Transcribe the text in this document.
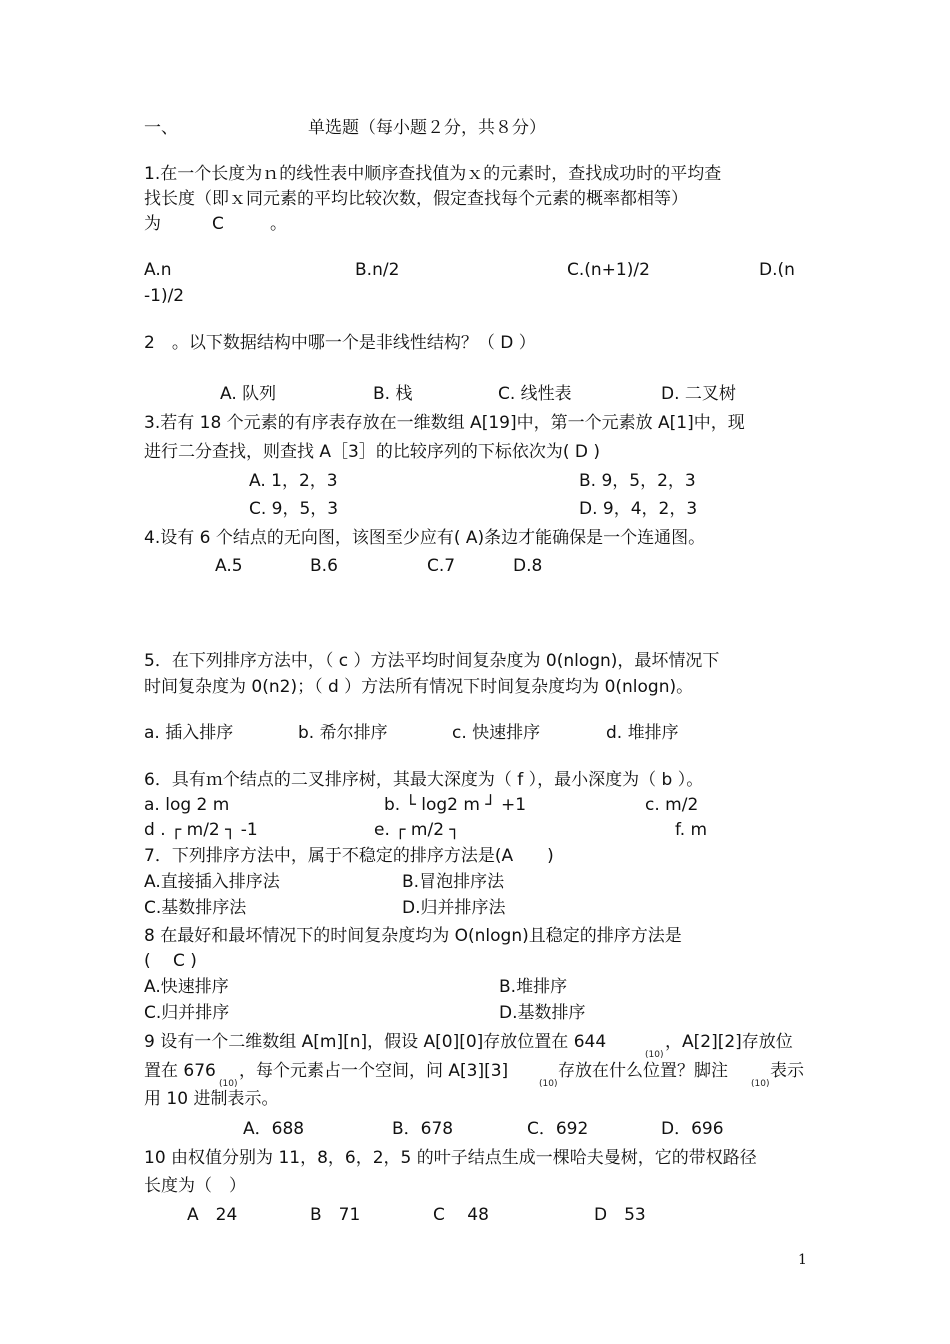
一、	单选题（每小题２分，共８分）
1.在一个长度为ｎ的线性表中顺序查找值为ｘ的元素时，查找成功时的平均查
找长度（即ｘ同元素的平均比较次数，假定查找每个元素的概率都相等）
为	C	。
A.n	B.n/2	C.(n+1)/2	D.(n
-1)/2
2　。以下数据结构中哪一个是非线性结构？（ D ）
A. 队列	B. 栈	C. 线性表	D. 二叉树
3.若有 18 个元素的有序表存放在一维数组 A[19]中，第一个元素放 A[1]中，现
进行二分查找，则查找 A［3］的比较序列的下标依次为( D )
A. 1，2，3	B. 9，5，2，3
C. 9，5，3	D. 9，4，2，3
4.设有 6 个结点的无向图，该图至少应有( A)条边才能确保是一个连通图。
A.5	B.6	C.7	D.8
5．在下列排序方法中，（ c ）方法平均时间复杂度为 0(nlogn)，最坏情况下
时间复杂度为 0(n2)；（ d ）方法所有情况下时间复杂度均为 0(nlogn)。
a. 插入排序	b. 希尔排序	c. 快速排序	d. 堆排序
6．具有ｍ个结点的二叉排序树，其最大深度为（ f ），最小深度为（ b ）。
a. log 2 m	b. └ log2 m ┘ +1	c. m/2
d . ┌ m/2 ┐ -1	e. ┌ m/2 ┐	f. m
7．下列排序方法中，属于不稳定的排序方法是(A　　)
A.直接插入排序法	B.冒泡排序法
C.基数排序法	D.归并排序法
8 在最好和最坏情况下的时间复杂度均为 O(nlogn)且稳定的排序方法是
(　 C )
A.快速排序	B.堆排序
C.归并排序	D.基数排序
9 设有一个二维数组 A[m][n]，假设 A[0][0]存放位置在 644
(10)
，A[2][2]存放位
置在 676
(10)
，每个元素占一个空间，问 A[3][3]
(10)
存放在什么位置？脚注
(10)
表示
用 10 进制表示。
A．688	B．678	C．692	D．696
10 由权值分别为 11，8，6，2，5 的叶子结点生成一棵哈夫曼树，它的带权路径
长度为（　）
A　24	B　71	C　 48	D　53
1
